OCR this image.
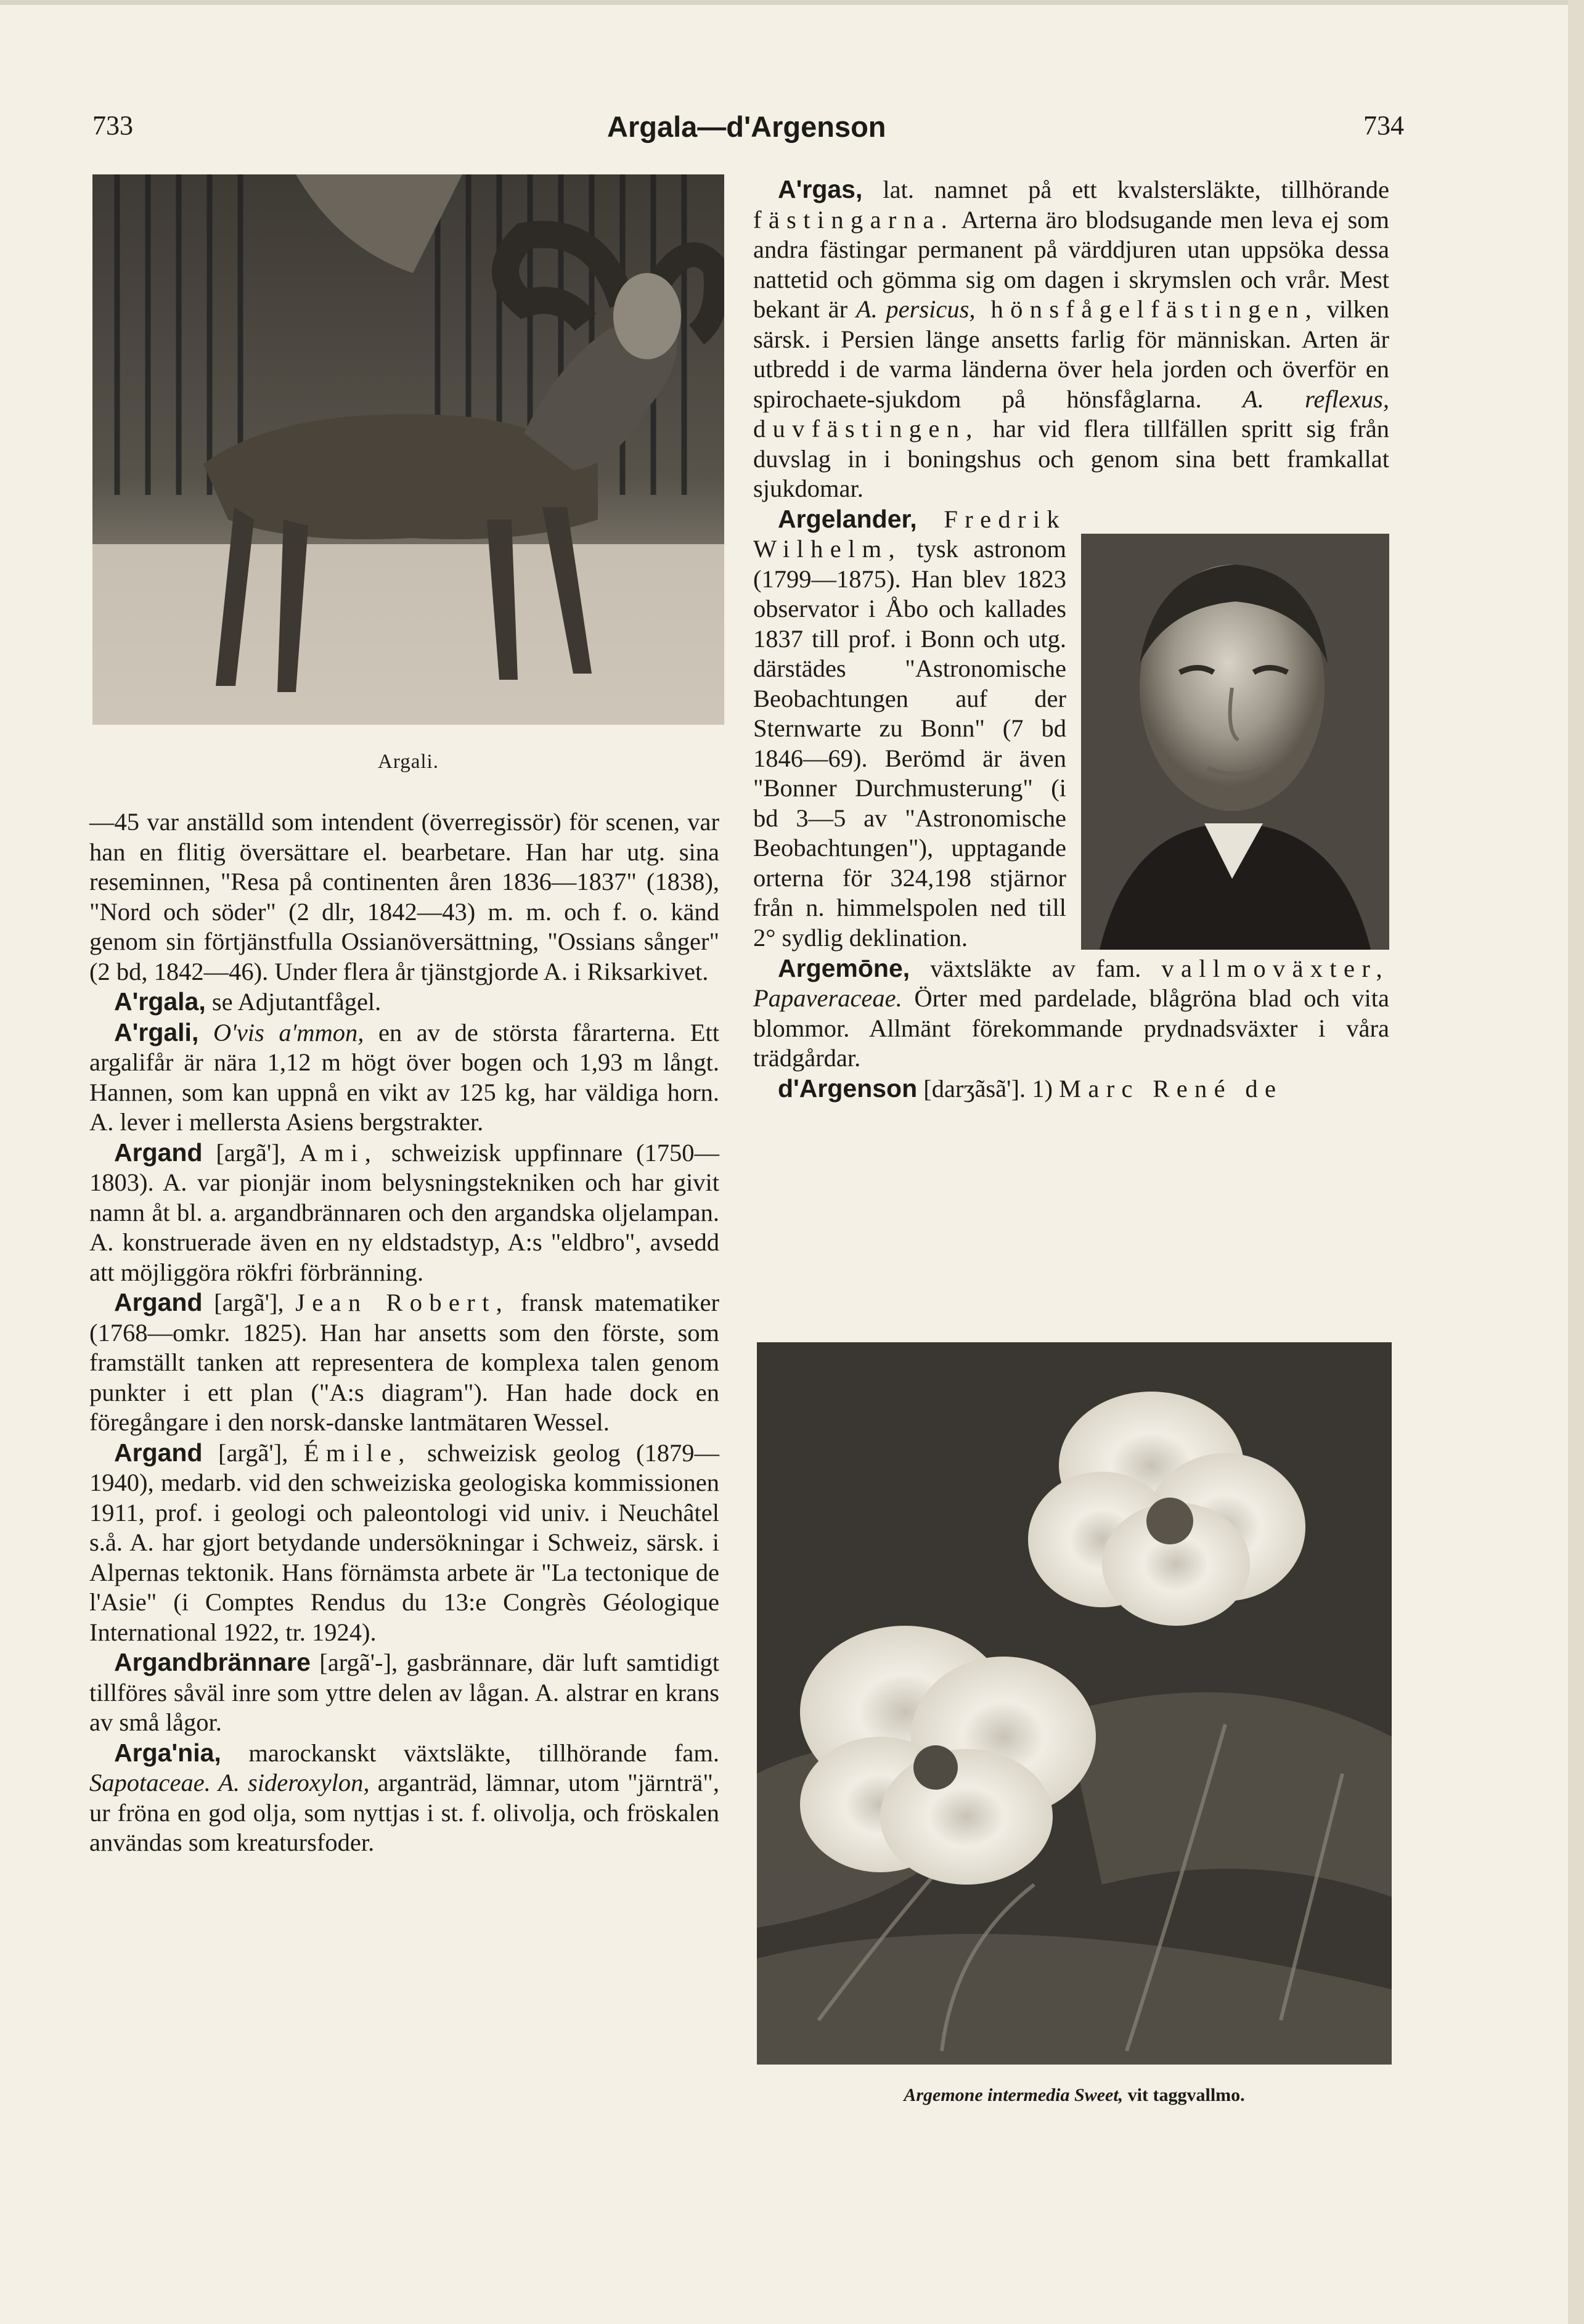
733	Argala—d'Argenson	734
Argali.

—45 var anställd som intendent (överregissör) för scenen, var han en flitig översättare el. bearbetare. Han har utg. sina reseminnen, "Resa på continenten åren 1836—1837" (1838), "Nord och söder" (2 dlr, 1842—43) m. m. och f. o. känd genom sin förtjänstfulla Ossianöversättning, "Ossians sånger" (2 bd, 1842—46). Under flera år tjänstgjorde A. i Riksarkivet.

A'rgala, se Adjutantfågel.

A'rgali, O'vis a'mmon, en av de största fårarterna. Ett argalifår är nära 1,12 m högt över bogen och 1,93 m långt. Hannen, som kan uppnå en vikt av 125 kg, har väldiga horn. A. lever i mellersta Asiens bergstrakter.

Argand [argã'], Ami, schweizisk uppfinnare (1750—1803). A. var pionjär inom belysningstekniken och har givit namn åt bl. a. argandbrännaren och den argandska oljelampan. A. konstruerade även en ny eldstadstyp, A:s "eldbro", avsedd att möjliggöra rökfri förbränning.

Argand [argã'], Jean Robert, fransk matematiker (1768—omkr. 1825). Han har ansetts som den förste, som framställt tanken att representera de komplexa talen genom punkter i ett plan ("A:s diagram"). Han hade dock en föregångare i den norsk-danske lantmätaren Wessel.

Argand [argã'], Émile, schweizisk geolog (1879—1940), medarb. vid den schweiziska geologiska kommissionen 1911, prof. i geologi och paleontologi vid univ. i Neuchâtel s.å. A. har gjort betydande undersökningar i Schweiz, särsk. i Alpernas tektonik. Hans förnämsta arbete är "La tectonique de l'Asie" (i Comptes Rendus du 13:e Congrès Géologique International 1922, tr. 1924).

Argandbrännare [argã'-], gasbrännare, där luft samtidigt tillföres såväl inre som yttre delen av lågan. A. alstrar en krans av små lågor.

Arga'nia, marockanskt växtsläkte, tillhörande fam. Sapotaceae. A. sideroxylon, arganträd, lämnar, utom "järnträ", ur fröna en god olja, som nyttjas i st. f. olivolja, och fröskalen användas som kreatursfoder.

A'rgas, lat. namnet på ett kvalstersläkte, tillhörande fästingarna. Arterna äro blodsugande men leva ej som andra fästingar permanent på värddjuren utan uppsöka dessa nattetid och gömma sig om dagen i skrymslen och vrår. Mest bekant är A. persicus, hönsfågelfästingen, vilken särsk. i Persien länge ansetts farlig för människan. Arten är utbredd i de varma länderna över hela jorden och överför en spirochaete-sjukdom på hönsfåglarna. A. reflexus, duvfästingen, har vid flera tillfällen spritt sig från duvslag in i boningshus och genom sina bett framkallat sjukdomar.

Argelander, Fredrik Wilhelm, tysk astronom (1799—1875). Han blev 1823 observator i Åbo och kallades 1837 till prof. i Bonn och utg. därstädes "Astronomische Beobachtungen auf der Sternwarte zu Bonn" (7 bd 1846—69). Berömd är även "Bonner Durchmusterung" (i bd 3—5 av "Astronomische Beobachtungen"), upptagande orterna för 324,198 stjärnor från n. himmelspolen ned till 2° sydlig deklination.

Argemōne, växtsläkte av fam. vallmoväxter, Papaveraceae. Örter med pardelade, blågröna blad och vita blommor. Allmänt förekommande prydnadsväxter i våra trädgårdar.

d'Argenson [darʒãsã']. 1) Marc René de

Argemone intermedia Sweet, vit taggvallmo.
